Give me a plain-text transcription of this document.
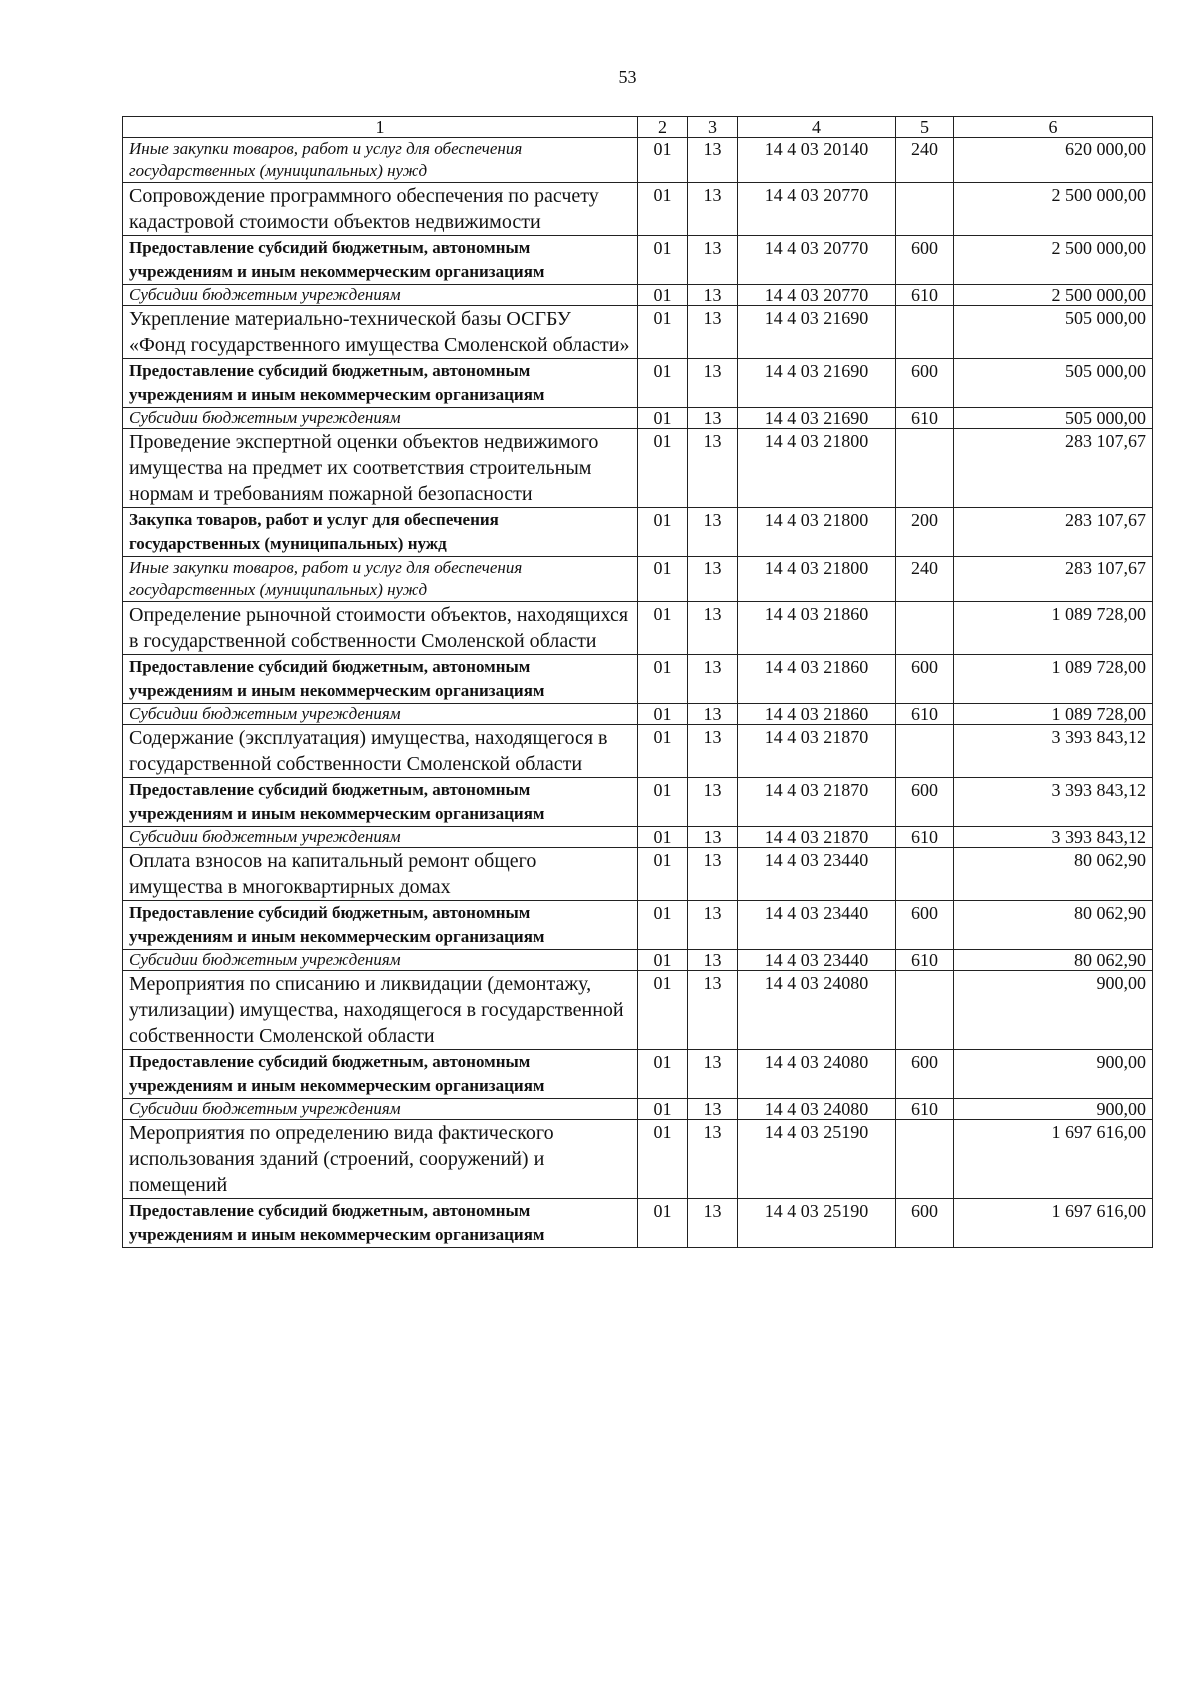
53
1	2	3	4	5	6
Иные закупки товаров, работ и услуг для обеспечения государственных (муниципальных) нужд	01	13	14 4 03 20140	240	620 000,00
Сопровождение программного обеспечения по расчету кадастровой стоимости объектов недвижимости	01	13	14 4 03 20770		2 500 000,00
Предоставление субсидий бюджетным, автономным учреждениям и иным некоммерческим организациям	01	13	14 4 03 20770	600	2 500 000,00
Субсидии бюджетным учреждениям	01	13	14 4 03 20770	610	2 500 000,00
Укрепление материально-технической базы ОСГБУ «Фонд государственного имущества Смоленской области»	01	13	14 4 03 21690		505 000,00
Предоставление субсидий бюджетным, автономным учреждениям и иным некоммерческим организациям	01	13	14 4 03 21690	600	505 000,00
Субсидии бюджетным учреждениям	01	13	14 4 03 21690	610	505 000,00
Проведение экспертной оценки объектов недвижимого имущества на предмет их соответствия строительным нормам и требованиям пожарной безопасности	01	13	14 4 03 21800		283 107,67
Закупка товаров, работ и услуг для обеспечения государственных (муниципальных) нужд	01	13	14 4 03 21800	200	283 107,67
Иные закупки товаров, работ и услуг для обеспечения государственных (муниципальных) нужд	01	13	14 4 03 21800	240	283 107,67
Определение рыночной стоимости объектов, находящихся в государственной собственности Смоленской области	01	13	14 4 03 21860		1 089 728,00
Предоставление субсидий бюджетным, автономным учреждениям и иным некоммерческим организациям	01	13	14 4 03 21860	600	1 089 728,00
Субсидии бюджетным учреждениям	01	13	14 4 03 21860	610	1 089 728,00
Содержание (эксплуатация) имущества, находящегося в государственной собственности Смоленской области	01	13	14 4 03 21870		3 393 843,12
Предоставление субсидий бюджетным, автономным учреждениям и иным некоммерческим организациям	01	13	14 4 03 21870	600	3 393 843,12
Субсидии бюджетным учреждениям	01	13	14 4 03 21870	610	3 393 843,12
Оплата взносов на капитальный ремонт общего имущества в многоквартирных домах	01	13	14 4 03 23440		80 062,90
Предоставление субсидий бюджетным, автономным учреждениям и иным некоммерческим организациям	01	13	14 4 03 23440	600	80 062,90
Субсидии бюджетным учреждениям	01	13	14 4 03 23440	610	80 062,90
Мероприятия по списанию и ликвидации (демонтажу, утилизации) имущества, находящегося в государственной собственности Смоленской области	01	13	14 4 03 24080		900,00
Предоставление субсидий бюджетным, автономным учреждениям и иным некоммерческим организациям	01	13	14 4 03 24080	600	900,00
Субсидии бюджетным учреждениям	01	13	14 4 03 24080	610	900,00
Мероприятия по определению вида фактического использования зданий (строений, сооружений) и помещений	01	13	14 4 03 25190		1 697 616,00
Предоставление субсидий бюджетным, автономным учреждениям и иным некоммерческим организациям	01	13	14 4 03 25190	600	1 697 616,00
